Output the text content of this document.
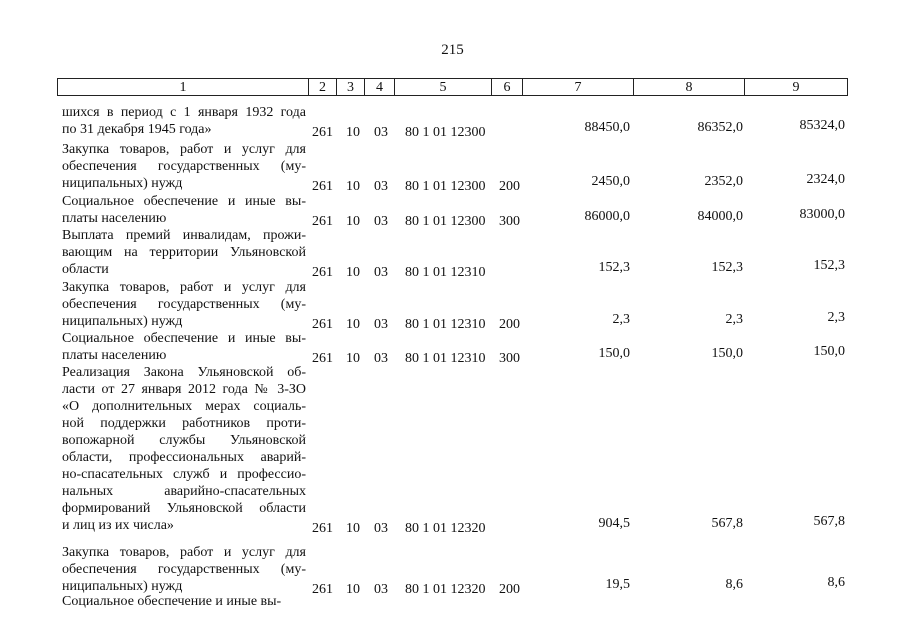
215
1	2	3	4	5	6	7	8	9
шихся в период с 1 января 1932 года
по 31 декабря 1945 года»	261 10 03 80 1 01 12300	88450,0	86352,0	85324,0
Закупка товаров, работ и услуг для
обеспечения государственных (му-
ниципальных) нужд	261 10 03 80 1 01 12300 200	2450,0	2352,0	2324,0
Социальное обеспечение и иные вы-
платы населению	261 10 03 80 1 01 12300 300	86000,0	84000,0	83000,0
Выплата премий инвалидам, прожи-
вающим на территории Ульяновской
области	261 10 03 80 1 01 12310	152,3	152,3	152,3
Закупка товаров, работ и услуг для
обеспечения государственных (му-
ниципальных) нужд	261 10 03 80 1 01 12310 200	2,3	2,3	2,3
Социальное обеспечение и иные вы-
платы населению	261 10 03 80 1 01 12310 300	150,0	150,0	150,0
Реализация Закона Ульяновской об-
ласти от 27 января 2012 года № 3-ЗО
«О дополнительных мерах социаль-
ной поддержки работников проти-
вопожарной службы Ульяновской
области, профессиональных аварий-
но-спасательных служб и профессио-
нальных аварийно-спасательных
формирований Ульяновской области
и лиц из их числа»	261 10 03 80 1 01 12320	904,5	567,8	567,8
Закупка товаров, работ и услуг для
обеспечения государственных (му-
ниципальных) нужд	261 10 03 80 1 01 12320 200	19,5	8,6	8,6
Социальное обеспечение и иные вы-
